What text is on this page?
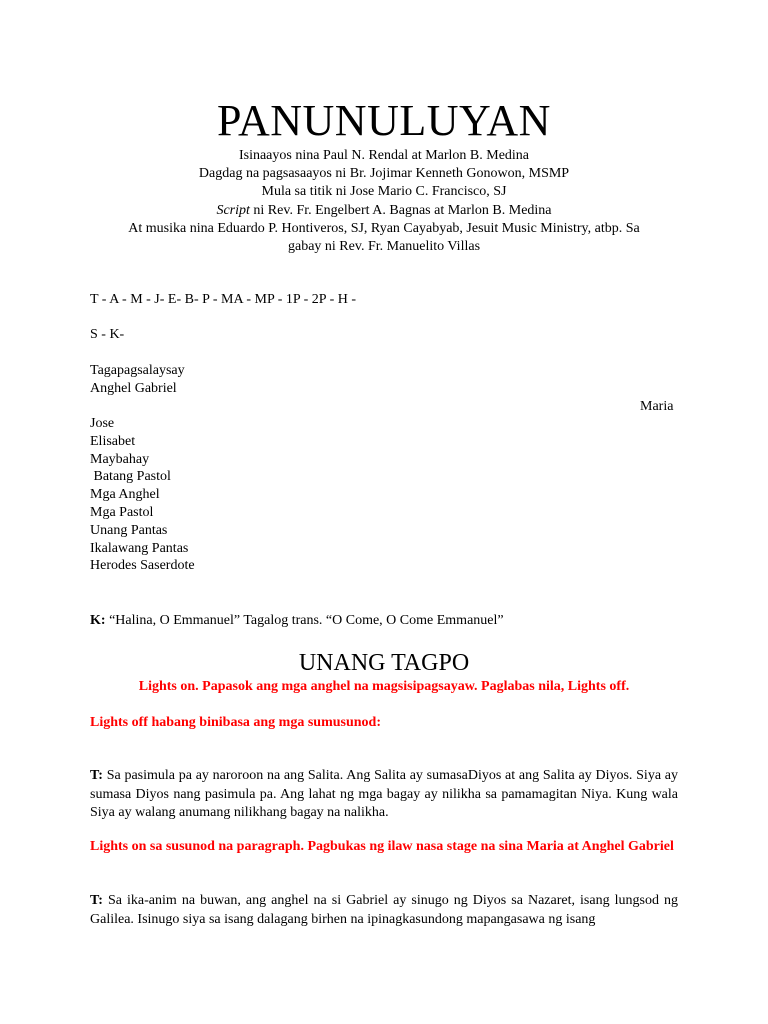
PANUNULUYAN
Isinaayos nina Paul N. Rendal at Marlon B. Medina
Dagdag na pagsasaayos ni Br. Jojimar Kenneth Gonowon, MSMP
Mula sa titik ni Jose Mario C. Francisco, SJ
Script ni Rev. Fr. Engelbert A. Bagnas at Marlon B. Medina
At musika nina Eduardo P. Hontiveros, SJ, Ryan Cayabyab, Jesuit Music Ministry, atbp. Sa
gabay ni Rev. Fr. Manuelito Villas
T - A - M - J- E- B- P - MA - MP - 1P - 2P - H -
S - K-
Tagapagsalaysay
Anghel Gabriel
Maria
Jose
Elisabet
Maybahay
Batang Pastol
Mga Anghel
Mga Pastol
Unang Pantas
Ikalawang Pantas
Herodes Saserdote
K: “Halina, O Emmanuel” Tagalog trans. “O Come, O Come Emmanuel”
UNANG TAGPO
Lights on. Papasok ang mga anghel na magsisipagsayaw. Paglabas nila, Lights off.
Lights off habang binibasa ang mga sumusunod:
T: Sa pasimula pa ay naroroon na ang Salita. Ang Salita ay sumasaDiyos at ang Salita ay Diyos. Siya ay sumasa Diyos nang pasimula pa. Ang lahat ng mga bagay ay nilikha sa pamamagitan Niya. Kung wala Siya ay walang anumang nilikhang bagay na nalikha.
Lights on sa susunod na paragraph. Pagbukas ng ilaw nasa stage na sina Maria at Anghel Gabriel
T: Sa ika-anim na buwan, ang anghel na si Gabriel ay sinugo ng Diyos sa Nazaret, isang lungsod ng Galilea. Isinugo siya sa isang dalagang birhen na ipinagkasundong mapangasawa ng isang
